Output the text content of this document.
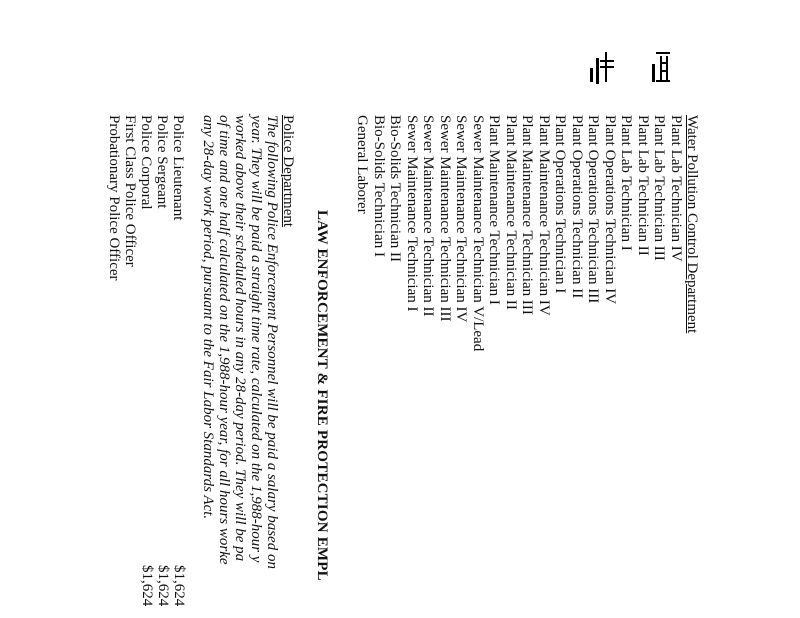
Water Pollution Control Department
Plant Lab Technician IV
Plant Lab Technician III
Plant Lab Technician II
Plant Lab Technician I
Plant Operations Technician IV
Plant Operations Technician III
Plant Operations Technician II
Plant Operations Technician I
Plant Maintenance Technician IV
Plant Maintenance Technician III
Plant Maintenance Technician II
Plant Maintenance Technician I
Sewer Maintenance Technician V/Lead
Sewer Maintenance Technician IV
Sewer Maintenance Technician III
Sewer Maintenance Technician II
Sewer Maintenance Technician I
Bio-Solids Technician II
Bio-Solids Technician I
General Laborer
LAW ENFORCEMENT & FIRE PROTECTION EMPL
Police Department
The following Police Enforcement Personnel will be paid a salary based on
year. They will be paid a straight time rate, calculated on the 1,988-hour y
worked above their scheduled hours in any 28-day period. They will be pa
of time and one half calculated on the 1,988-hour year, for all hours worke
any 28-day work period, pursuant to the Fair Labor Standards Act.
Police Lieutenant
$1,624
Police Sergeant
$1,624
Police Corporal
$1,624
First Class Police Officer
Probationary Police Officer
